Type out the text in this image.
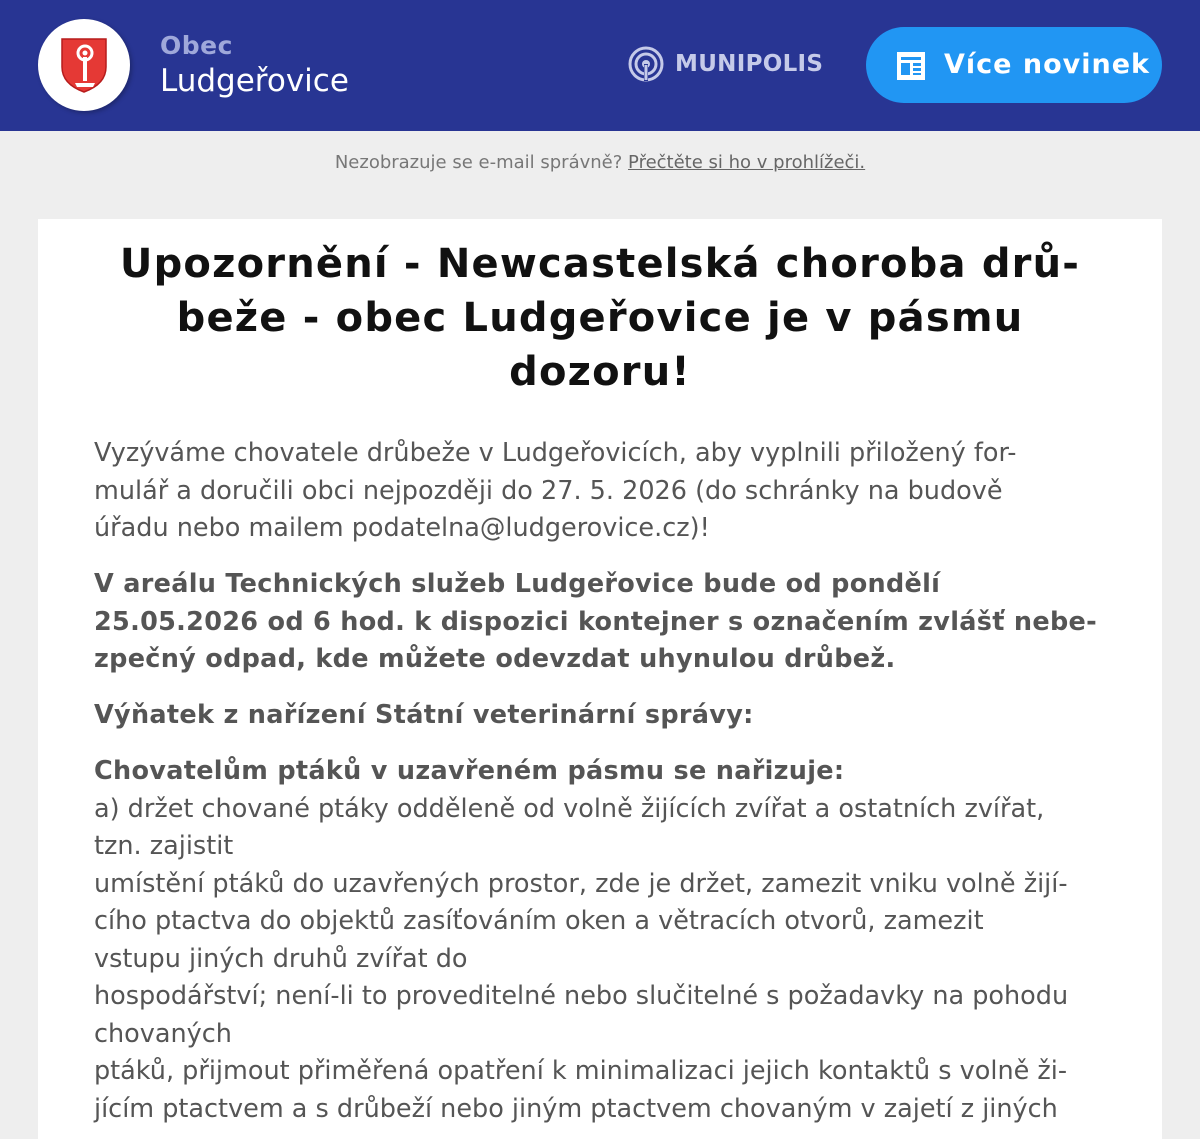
Obec
Ludgeřovice	MUNIPOLIS	Více novinek
Nezobrazuje se e-mail správně? Přečtěte si ho v prohlížeči.
Upozornění - Newcastelská choroba drů-
beže - obec Ludgeřovice je v pásmu
dozoru!

Vyzýváme chovatele drůbeže v Ludgeřovicích, aby vyplnili přiložený for-
mulář a doručili obci nejpozději do 27. 5. 2026 (do schránky na budově
úřadu nebo mailem podatelna@ludgerovice.cz)!

V areálu Technických služeb Ludgeřovice bude od pondělí
25.05.2026 od 6 hod. k dispozici kontejner s označením zvlášť nebe-
zpečný odpad, kde můžete odevzdat uhynulou drůbež.

Výňatek z nařízení Státní veterinární správy:

Chovatelům ptáků v uzavřeném pásmu se nařizuje:
a) držet chované ptáky odděleně od volně žijících zvířat a ostatních zvířat,
tzn. zajistit
umístění ptáků do uzavřených prostor, zde je držet, zamezit vniku volně žijí-
cího ptactva do objektů zasíťováním oken a větracích otvorů, zamezit
vstupu jiných druhů zvířat do
hospodářství; není-li to proveditelné nebo slučitelné s požadavky na pohodu
chovaných
ptáků, přijmout přiměřená opatření k minimalizaci jejich kontaktů s volně ži-
jícím ptactvem a s drůbeží nebo jiným ptactvem chovaným v zajetí z jiných
